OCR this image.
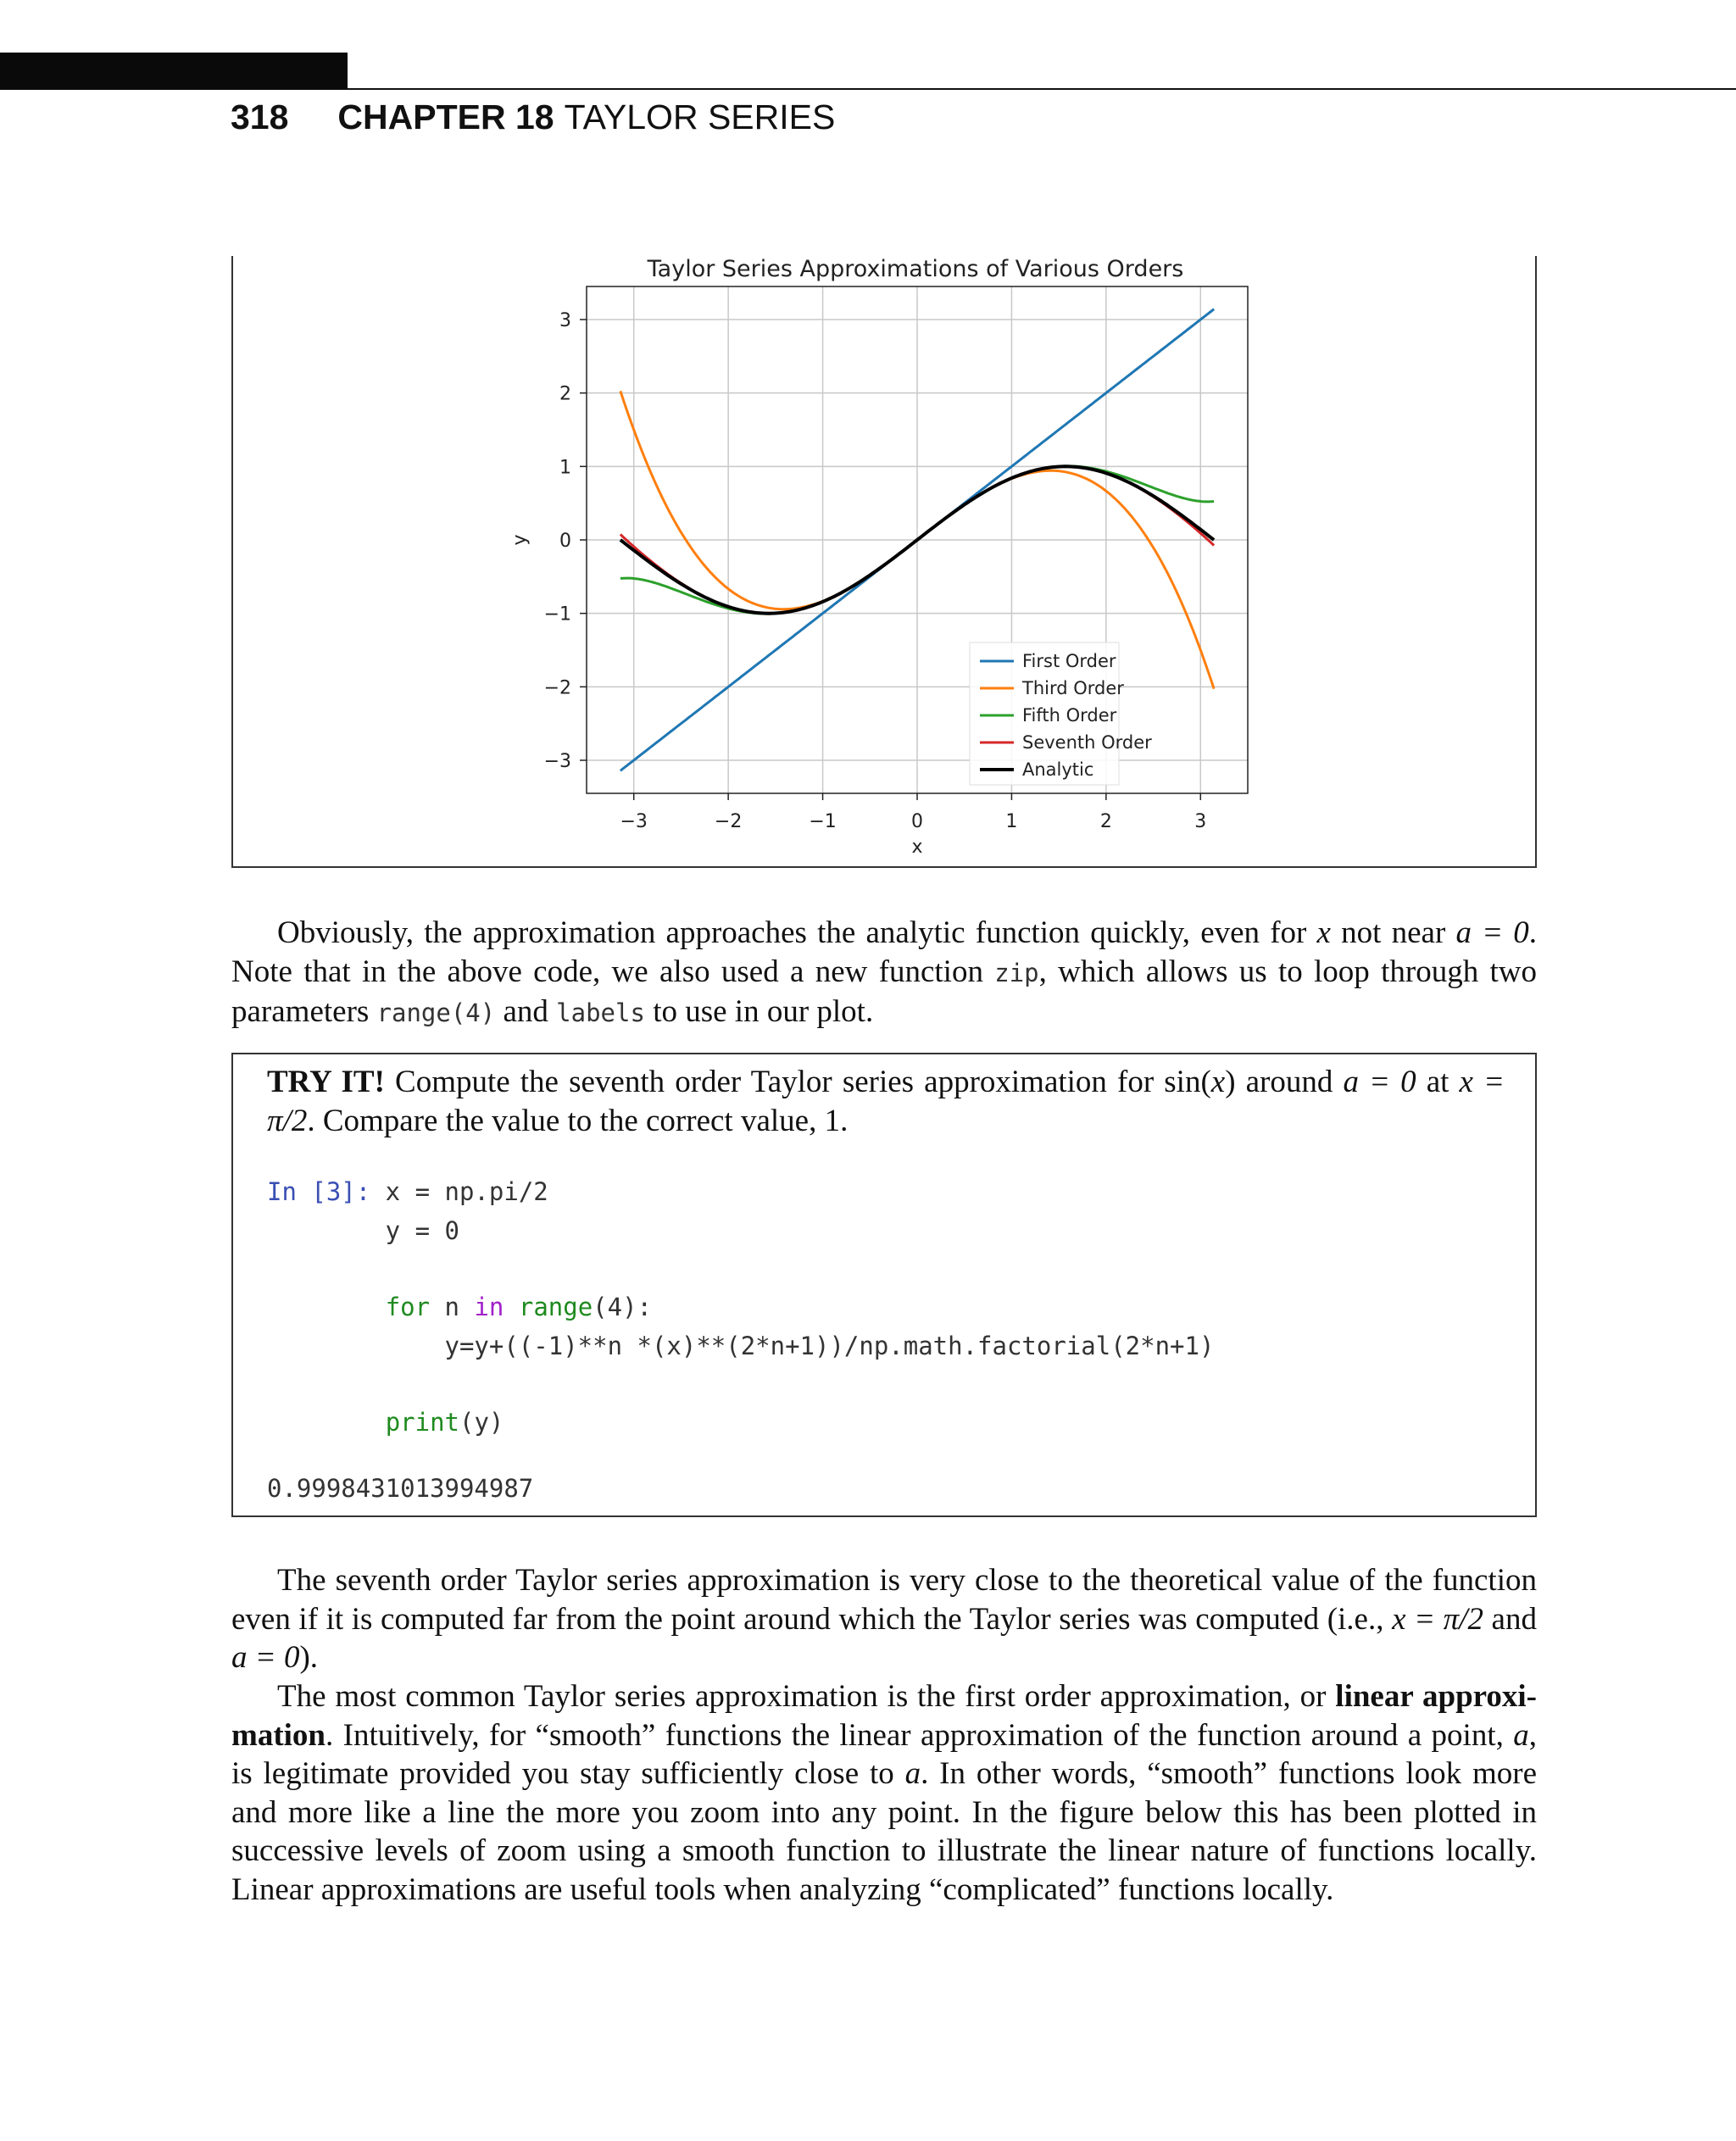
318 CHAPTER 18 TAYLOR SERIES
Taylor Series Approximations of Various Orders
−3	−2	−1	0	1	2	3
−3
−2
−1
0
1
2
3
First Order
Third Order
Fifth Order
Seventh Order
Analytic
x
y

Obviously, the approximation approaches the analytic function quickly, even for x not near a = 0. Note that in the above code, we also used a new function zip, which allows us to loop through two parameters range(4) and labels to use in our plot.

TRY IT! Compute the seventh order Taylor series approximation for sin(x) around a = 0 at x = π/2. Compare the value to the correct value, 1.
In [3]: x = np.pi/2
y = 0
for n in range(4):
y=y+((-1)**n *(x)**(2*n+1))/np.math.factorial(2*n+1)
print(y)
0.9998431013994987

The seventh order Taylor series approximation is very close to the theoretical value of the function even if it is computed far from the point around which the Taylor series was computed (i.e., x = π/2 and a = 0).

The most common Taylor series approximation is the first order approximation, or linear approxi-mation. Intuitively, for “smooth” functions the linear approximation of the function around a point, a, is legitimate provided you stay sufficiently close to a. In other words, “smooth” functions look more and more like a line the more you zoom into any point. In the figure below this has been plotted in successive levels of zoom using a smooth function to illustrate the linear nature of functions locally. Linear approximations are useful tools when analyzing “complicated” functions locally.
